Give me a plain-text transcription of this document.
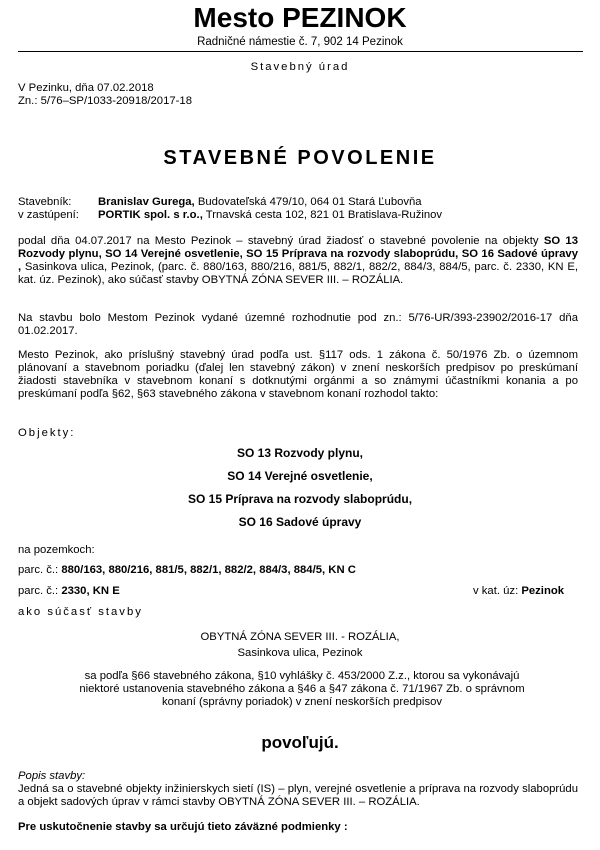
Mesto PEZINOK
Radničné námestie č. 7, 902 14 Pezinok
Stavebný úrad
V Pezinku, dňa 07.02.2018
Zn.: 5/76–SP/1033-20918/2017-18
STAVEBNÉ POVOLENIE
Stavebník: Branislav Gurega, Budovateľská 479/10, 064 01 Stará Ľubovňa
v zastúpení: PORTIK spol. s r.o., Trnavská cesta 102, 821 01 Bratislava-Ružinov
podal dňa 04.07.2017 na Mesto Pezinok – stavebný úrad žiadosť o stavebné povolenie na objekty SO 13 Rozvody plynu, SO 14 Verejné osvetlenie, SO 15 Príprava na rozvody slaboprúdu, SO 16 Sadové úpravy , Sasinkova ulica, Pezinok, (parc. č. 880/163, 880/216, 881/5, 882/1, 882/2, 884/3, 884/5, parc. č. 2330, KN E, kat. úz. Pezinok), ako súčasť stavby OBYTNÁ ZÓNA SEVER III. – ROZÁLIA.
Na stavbu bolo Mestom Pezinok vydané územné rozhodnutie pod zn.: 5/76-UR/393-23902/2016-17 dňa 01.02.2017.
Mesto Pezinok, ako príslušný stavebný úrad podľa ust. §117 ods. 1 zákona č. 50/1976 Zb. o územnom plánovaní a stavebnom poriadku (ďalej len stavebný zákon) v znení neskorších predpisov po preskúmaní žiadosti stavebníka v stavebnom konaní s dotknutými orgánmi a so známymi účastníkmi konania a po preskúmaní podľa §62, §63 stavebného zákona v stavebnom konaní rozhodol takto:
Objekty:
SO 13 Rozvody plynu,
SO 14 Verejné osvetlenie,
SO 15 Príprava na rozvody slaboprúdu,
SO 16 Sadové úpravy
na pozemkoch:
parc. č.: 880/163, 880/216, 881/5, 882/1, 882/2, 884/3, 884/5, KN C
parc. č.: 2330, KN E	v kat. úz: Pezinok
ako súčasť stavby
OBYTNÁ ZÓNA SEVER III. - ROZÁLIA,
Sasinkova ulica, Pezinok
sa podľa §66 stavebného zákona, §10 vyhlášky č. 453/2000 Z.z., ktorou sa vykonávajú niektoré ustanovenia stavebného zákona a §46 a §47 zákona č. 71/1967 Zb. o správnom konaní (správny poriadok) v znení neskorších predpisov
povoľujú.
Popis stavby:
Jedná sa o stavebné objekty inžinierskych sietí (IS) – plyn, verejné osvetlenie a príprava na rozvody slaboprúdu a objekt sadových úprav v rámci stavby OBYTNÁ ZÓNA SEVER III. – ROZÁLIA.
Pre uskutočnenie stavby sa určujú tieto záväzné podmienky :
